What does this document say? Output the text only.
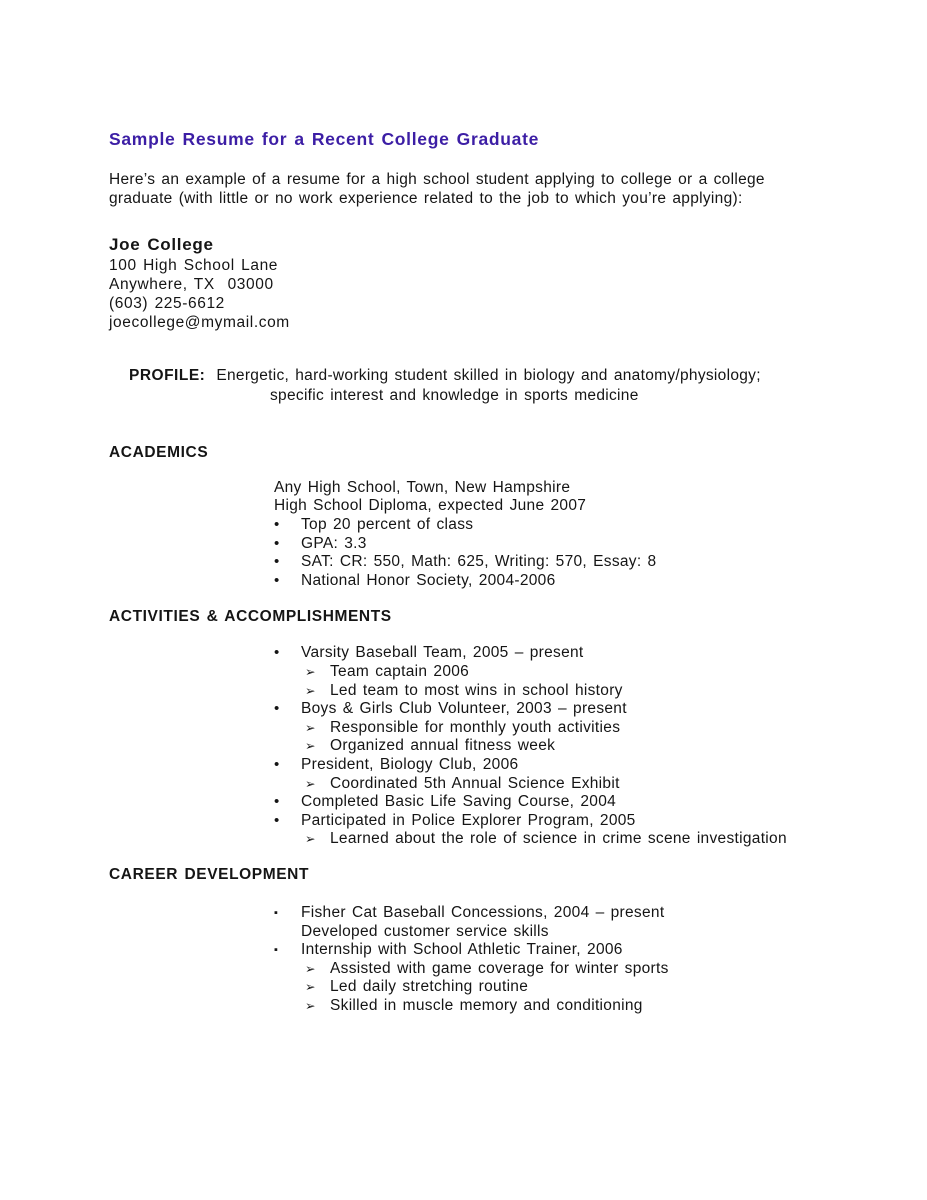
Sample Resume for a Recent College Graduate
Here’s an example of a resume for a high school student applying to college or a college
graduate (with little or no work experience related to the job to which you’re applying):
Joe College
100 High School Lane
Anywhere, TX  03000
(603) 225-6612
joecollege@mymail.com
PROFILE: Energetic, hard-working student skilled in biology and anatomy/physiology;
specific interest and knowledge in sports medicine
ACADEMICS
Any High School, Town, New Hampshire
High School Diploma, expected June 2007
•	Top 20 percent of class
•	GPA: 3.3
•	SAT: CR: 550, Math: 625, Writing: 570, Essay: 8
•	National Honor Society, 2004-2006
ACTIVITIES & ACCOMPLISHMENTS
•	Varsity Baseball Team, 2005 – present
➢ Team captain 2006
➢ Led team to most wins in school history
•	Boys & Girls Club Volunteer, 2003 – present
➢ Responsible for monthly youth activities
➢ Organized annual fitness week
•	President, Biology Club, 2006
➢ Coordinated 5th Annual Science Exhibit
•	Completed Basic Life Saving Course, 2004
•	Participated in Police Explorer Program, 2005
➢ Learned about the role of science in crime scene investigation
CAREER DEVELOPMENT
▪	Fisher Cat Baseball Concessions, 2004 – present
Developed customer service skills
▪	Internship with School Athletic Trainer, 2006
➢ Assisted with game coverage for winter sports
➢ Led daily stretching routine
➢ Skilled in muscle memory and conditioning
